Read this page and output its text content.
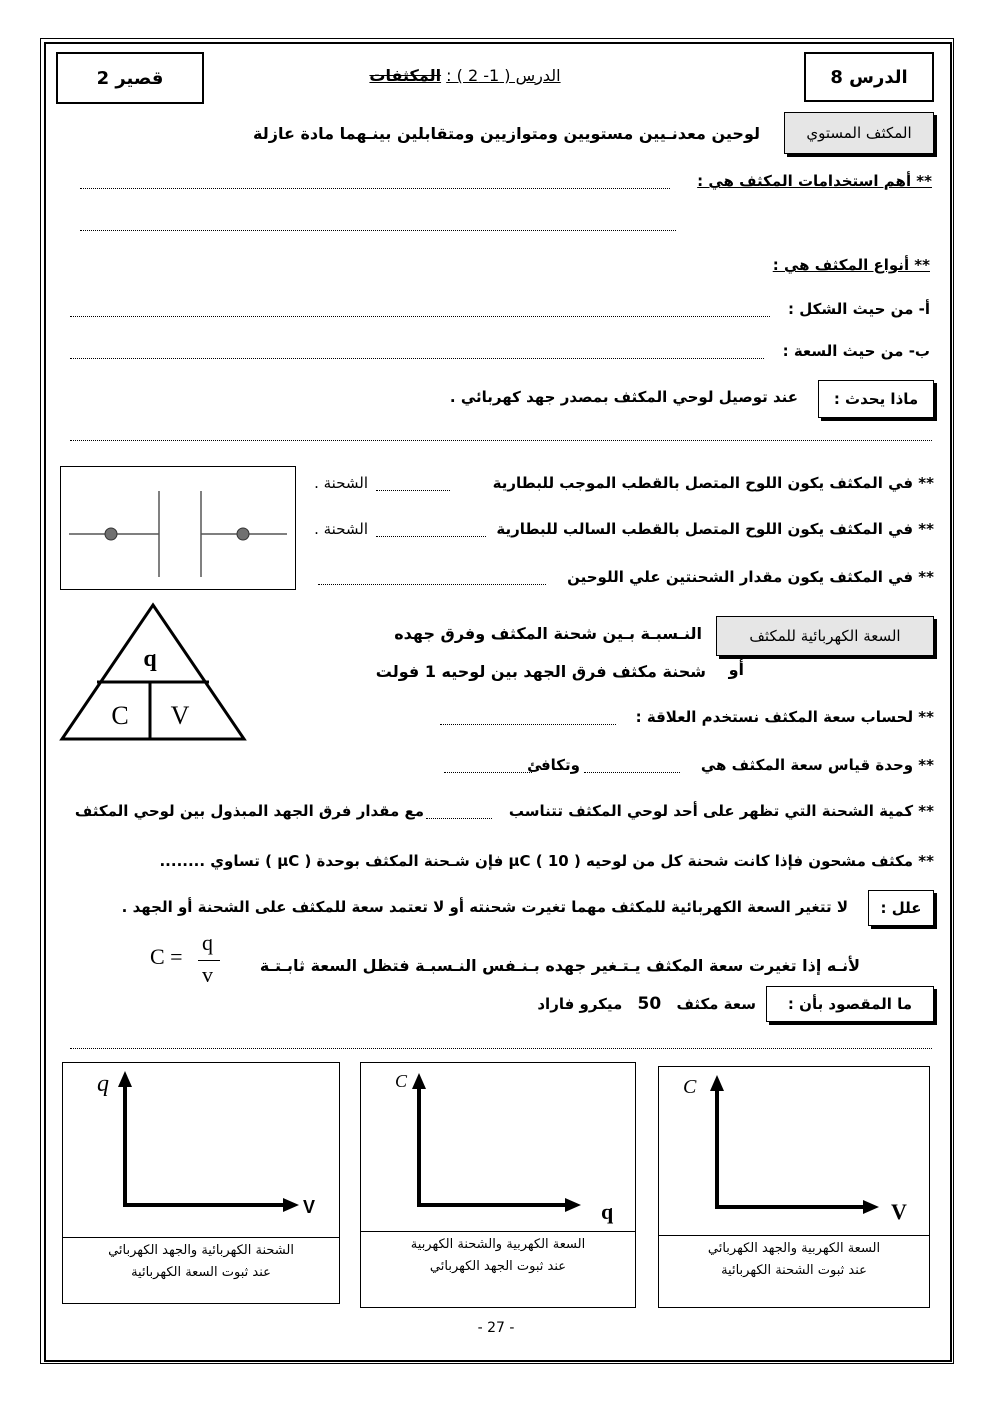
الدرس 8
الدرس ( 1- 2 ) : المكثفات
قصير 2
المكثف المستوي
لوحين معدنـيين مستويين ومتوازيين ومتقابلين بينـهما مادة عازلة
** أهم استخدامات المكثف هي :
** أنواع المكثف هي :
أ- من حيث الشكل :
ب- من حيث السعة :
ماذا يحدث :
عند توصيل لوحي المكثف بمصدر جهد كهربائي .
** في المكثف يكون اللوح المتصل بالقطب الموجب للبطارية
الشحنة .
** في المكثف يكون اللوح المتصل بالقطب السالب للبطارية
الشحنة .
** في المكثف يكون مقدار الشحنتين علي اللوحين
q
C V
السعة الكهربائية للمكثف
النـسبـة بـين شحنة المكثف وفرق جهده
أو
شحنة مكثف فرق الجهد بين لوحيه 1 فولت
** لحساب سعة المكثف نستخدم العلاقة :
** وحدة قياس سعة المكثف هي
وتكافئ
** كمية الشحنة التي تظهر على أحد لوحي المكثف تتناسب
مع مقدار فرق الجهد المبذول بين لوحي المكثف
** مكثف مشحون فإذا كانت شحنة كل من لوحيه μC ( 10 ) فإن شـحنة المكثف بوحدة ( μC ) تساوي ........
علل :
لا تتغير السعة الكهربائية للمكثف مهما تغيرت شحنته أو لا تعتمد سعة للمكثف على الشحنة أو الجهد .
لأنـه إذا تغيرت سعة المكثف يـتـغير جهده بـنـفس النـسبـة فتظل السعة ثابـتـة
C =
q
v
ما المقصود بأن :
سعة مكثف 50 ميكرو فاراد
q
V
الشحنة الكهربائية والجهد الكهربائي
عند ثبوت السعة الكهربائية
C
q
السعة الكهربية والشحنة الكهربية
عند ثبوت الجهد الكهربائي
C
V
السعة الكهربية والجهد الكهربائي
عند ثبوت الشحنة الكهربائية
- 27 -
